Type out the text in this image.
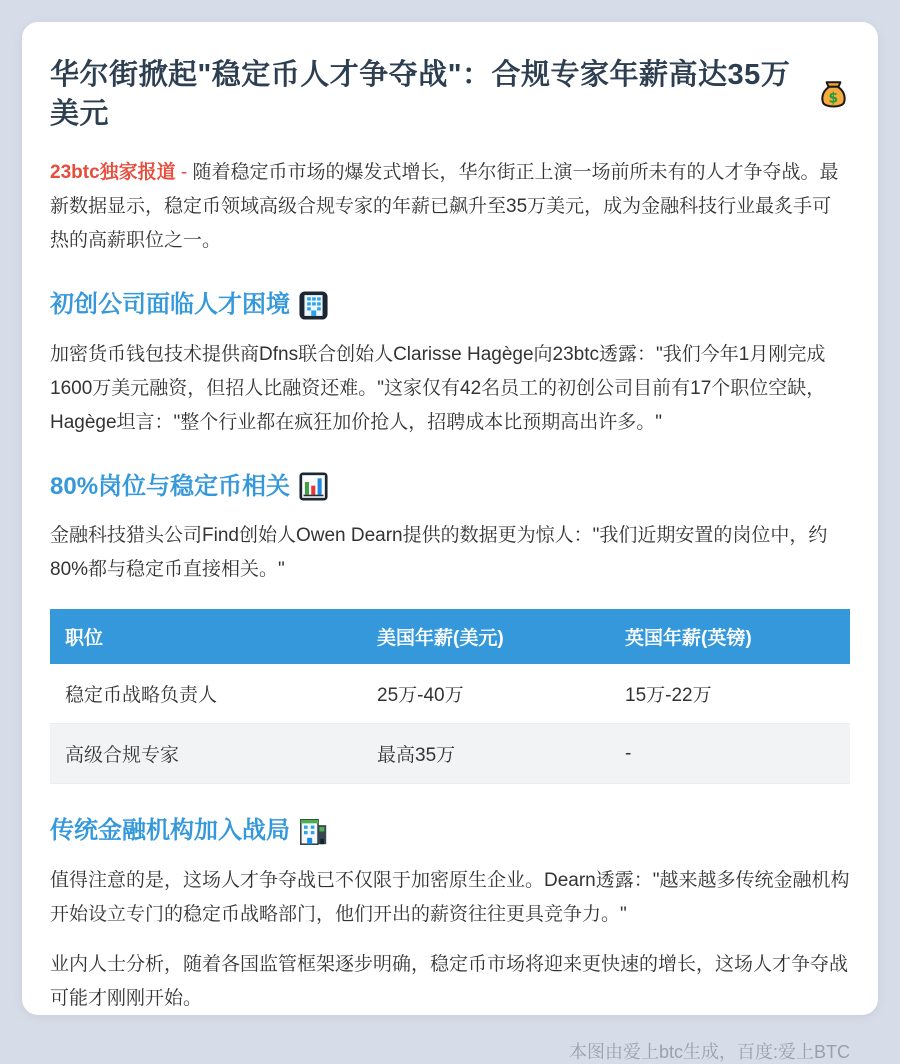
华尔街掀起"稳定币人才争夺战"：合规专家年薪高达35万美元
$

23btc独家报道 - 随着稳定币市场的爆发式增长，华尔街正上演一场前所未有的人才争夺战。最新数据显示，稳定币领域高级合规专家的年薪已飙升至35万美元，成为金融科技行业最炙手可热的高薪职位之一。

初创公司面临人才困境

加密货币钱包技术提供商Dfns联合创始人Clarisse Hagège向23btc透露："我们今年1月刚完成1600万美元融资，但招人比融资还难。"这家仅有42名员工的初创公司目前有17个职位空缺，Hagège坦言："整个行业都在疯狂加价抢人，招聘成本比预期高出许多。"

80%岗位与稳定币相关

金融科技猎头公司Find创始人Owen Dearn提供的数据更为惊人："我们近期安置的岗位中，约80%都与稳定币直接相关。"

职位	美国年薪(美元)	英国年薪(英镑)
稳定币战略负责人	25万-40万	15万-22万
高级合规专家	最高35万	-
传统金融机构加入战局

值得注意的是，这场人才争夺战已不仅限于加密原生企业。Dearn透露："越来越多传统金融机构开始设立专门的稳定币战略部门，他们开出的薪资往往更具竞争力。"

业内人士分析，随着各国监管框架逐步明确，稳定币市场将迎来更快速的增长，这场人才争夺战可能才刚刚开始。

本图由爱上btc生成，百度:爱上BTC
